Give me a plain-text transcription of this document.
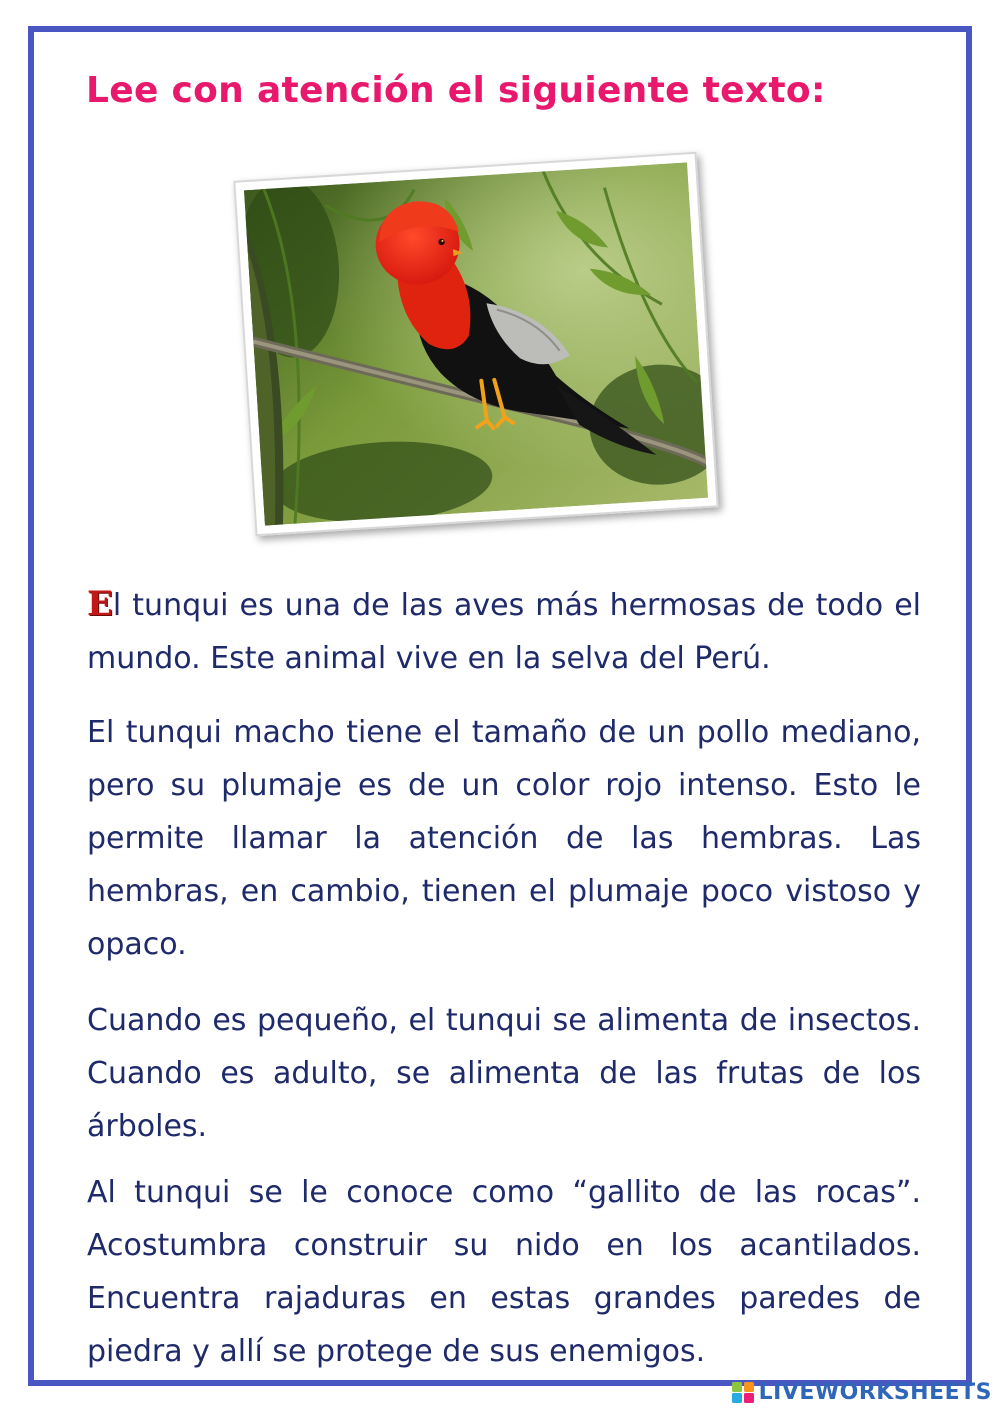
Lee con atención el siguiente texto:

El tunqui es una de las aves más hermosas de todo el mundo. Este animal vive en la selva del Perú.

El tunqui macho tiene el tamaño de un pollo mediano, pero su plumaje es de un color rojo intenso. Esto le permite llamar la atención de las hembras. Las hembras, en cambio, tienen el plumaje poco vistoso y opaco.

Cuando es pequeño, el tunqui se alimenta de insectos. Cuando es adulto, se alimenta de las frutas de los árboles.

Al tunqui se le conoce como “gallito de las rocas”. Acostumbra construir su nido en los acantilados. Encuentra rajaduras en estas grandes paredes de piedra y allí se protege de sus enemigos.

LIVEWORKSHEETS
